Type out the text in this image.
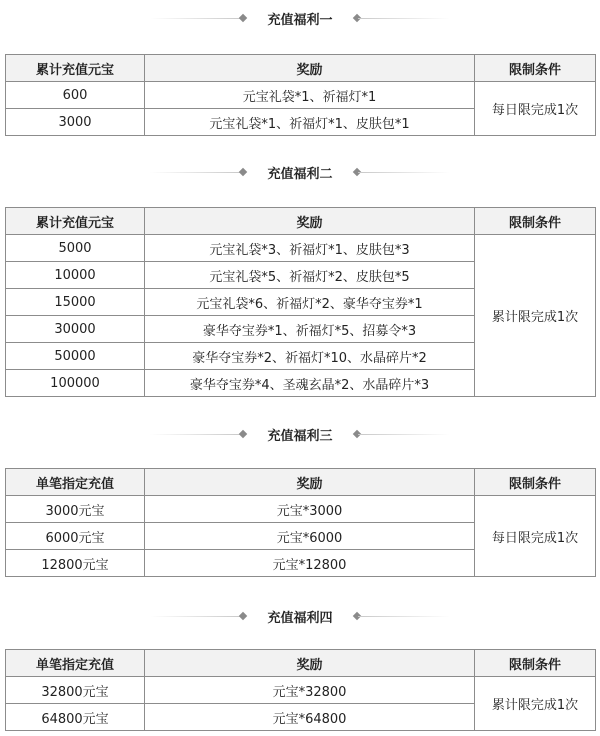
充值福利一
累计充值元宝	奖励	限制条件
600	元宝礼袋*1、祈福灯*1	每日限完成1次
3000	元宝礼袋*1、祈福灯*1、皮肤包*1	
充值福利二
累计充值元宝	奖励	限制条件
5000	元宝礼袋*3、祈福灯*1、皮肤包*3	累计限完成1次
10000	元宝礼袋*5、祈福灯*2、皮肤包*5	
15000	元宝礼袋*6、祈福灯*2、豪华夺宝券*1	
30000	豪华夺宝券*1、祈福灯*5、招募令*3	
50000	豪华夺宝券*2、祈福灯*10、水晶碎片*2	
100000	豪华夺宝券*4、圣魂玄晶*2、水晶碎片*3	
充值福利三
单笔指定充值	奖励	限制条件
3000元宝	元宝*3000	每日限完成1次
6000元宝	元宝*6000	
12800元宝	元宝*12800	
充值福利四
单笔指定充值	奖励	限制条件
32800元宝	元宝*32800	累计限完成1次
64800元宝	元宝*64800	
